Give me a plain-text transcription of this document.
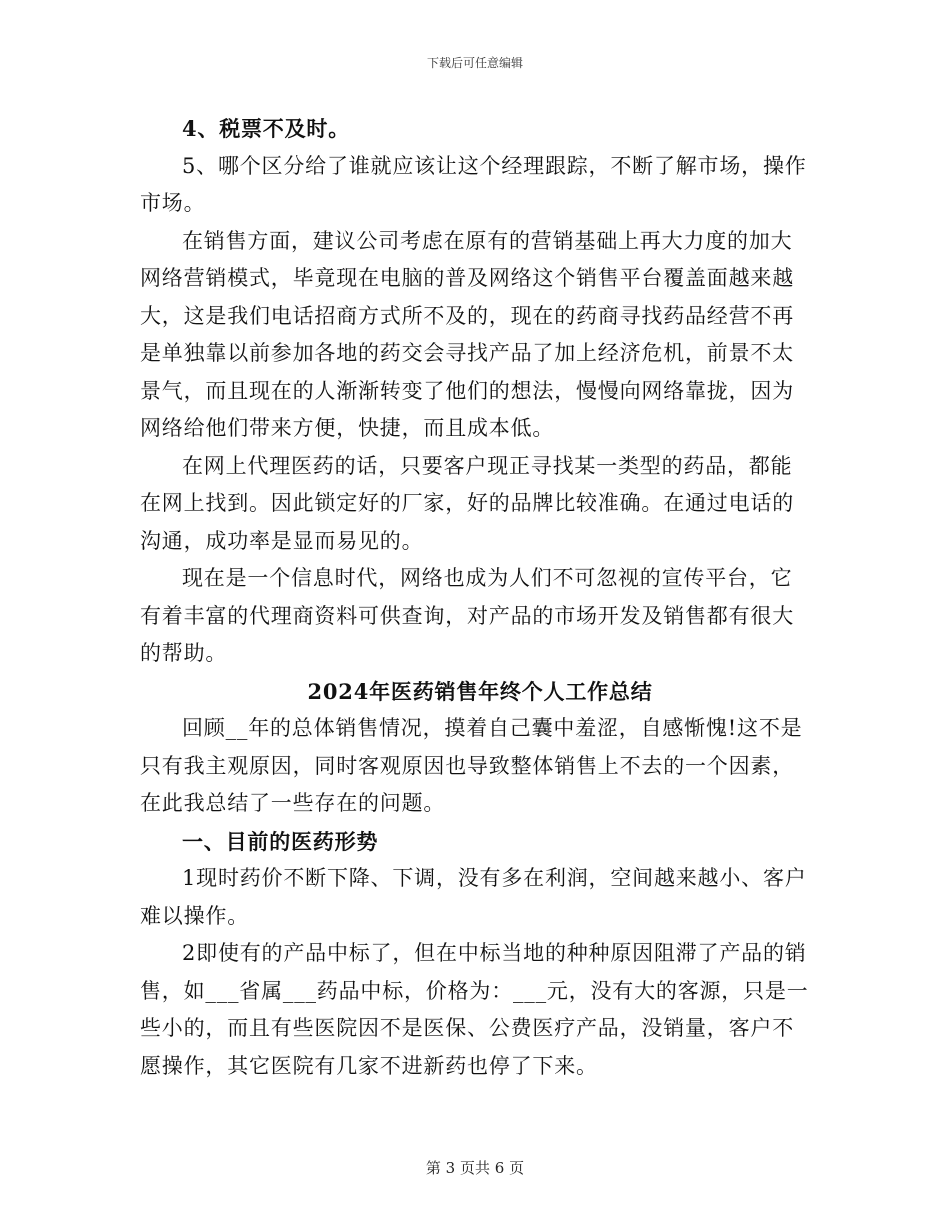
下载后可任意编辑
4、税票不及时。
5、哪个区分给了谁就应该让这个经理跟踪，不断了解市场，操作
市场。
在销售方面，建议公司考虑在原有的营销基础上再大力度的加大
网络营销模式，毕竟现在电脑的普及网络这个销售平台覆盖面越来越
大，这是我们电话招商方式所不及的，现在的药商寻找药品经营不再
是单独靠以前参加各地的药交会寻找产品了加上经济危机，前景不太
景气，而且现在的人渐渐转变了他们的想法，慢慢向网络靠拢，因为
网络给他们带来方便，快捷，而且成本低。
在网上代理医药的话，只要客户现正寻找某一类型的药品，都能
在网上找到。因此锁定好的厂家，好的品牌比较准确。在通过电话的
沟通，成功率是显而易见的。
现在是一个信息时代，网络也成为人们不可忽视的宣传平台，它
有着丰富的代理商资料可供查询，对产品的市场开发及销售都有很大
的帮助。
2024年医药销售年终个人工作总结
回顾__年的总体销售情况，摸着自己囊中羞涩，自感惭愧!这不是
只有我主观原因，同时客观原因也导致整体销售上不去的一个因素，
在此我总结了一些存在的问题。
一、目前的医药形势
1现时药价不断下降、下调，没有多在利润，空间越来越小、客户
难以操作。
2即使有的产品中标了，但在中标当地的种种原因阻滞了产品的销
售，如___省属___药品中标，价格为：___元，没有大的客源，只是一
些小的，而且有些医院因不是医保、公费医疗产品，没销量，客户不
愿操作，其它医院有几家不进新药也停了下来。
第 3 页共 6 页
